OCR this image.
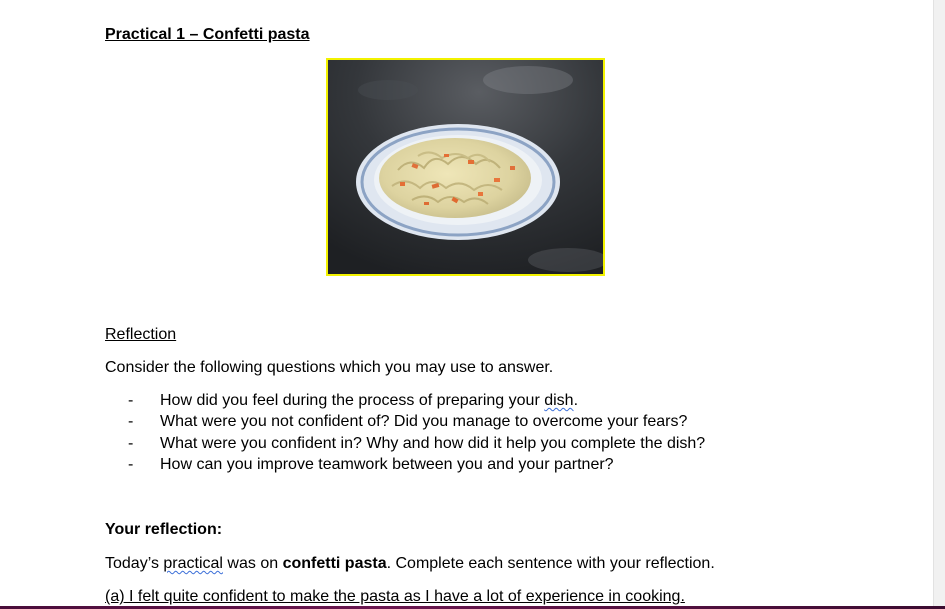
Practical 1 – Confetti pasta
Reflection
Consider the following questions which you may use to answer.
- How did you feel during the process of preparing your dish.
- What were you not confident of? Did you manage to overcome your fears?
- What were you confident in? Why and how did it help you complete the dish?
- How can you improve teamwork between you and your partner?
Your reflection:
Today’s practical was on confetti pasta. Complete each sentence with your reflection.
(a) I felt quite confident to make the pasta as I have a lot of experience in cooking.
